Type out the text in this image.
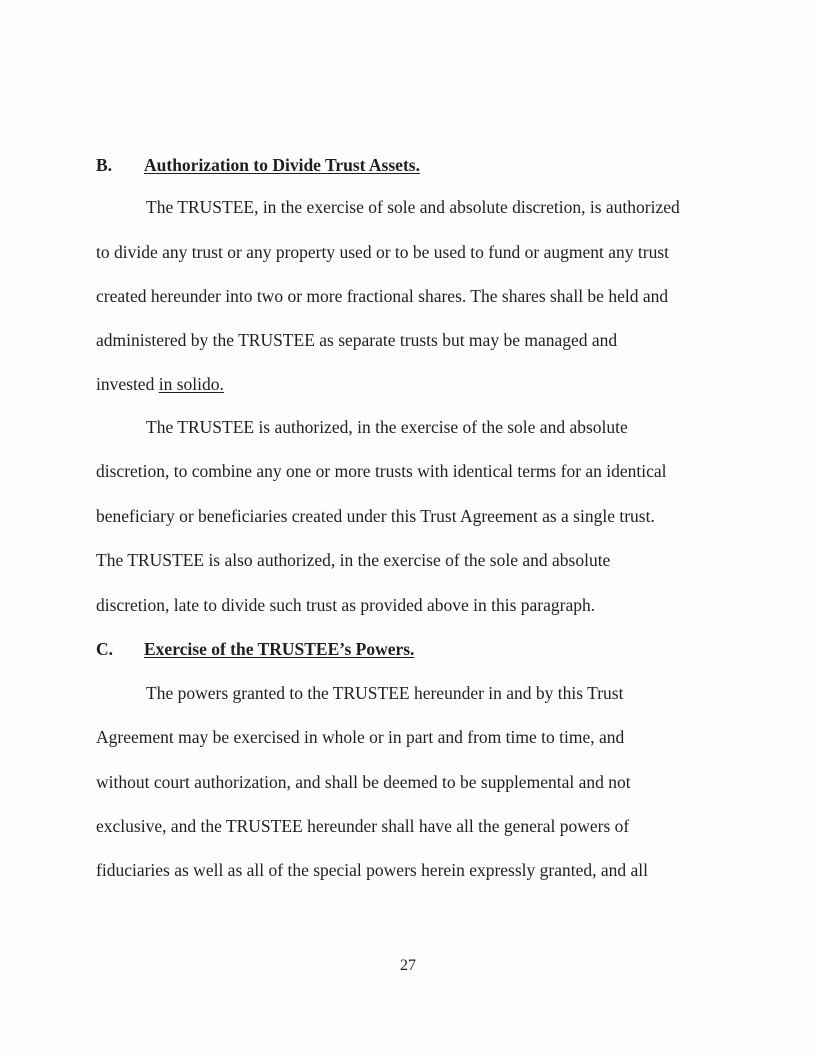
B. Authorization to Divide Trust Assets.
The TRUSTEE, in the exercise of sole and absolute discretion, is authorized
to divide any trust or any property used or to be used to fund or augment any trust
created hereunder into two or more fractional shares. The shares shall be held and
administered by the TRUSTEE as separate trusts but may be managed and
invested in solido.
The TRUSTEE is authorized, in the exercise of the sole and absolute
discretion, to combine any one or more trusts with identical terms for an identical
beneficiary or beneficiaries created under this Trust Agreement as a single trust.
The TRUSTEE is also authorized, in the exercise of the sole and absolute
discretion, late to divide such trust as provided above in this paragraph.
C. Exercise of the TRUSTEE’s Powers.
The powers granted to the TRUSTEE hereunder in and by this Trust
Agreement may be exercised in whole or in part and from time to time, and
without court authorization, and shall be deemed to be supplemental and not
exclusive, and the TRUSTEE hereunder shall have all the general powers of
fiduciaries as well as all of the special powers herein expressly granted, and all
27
